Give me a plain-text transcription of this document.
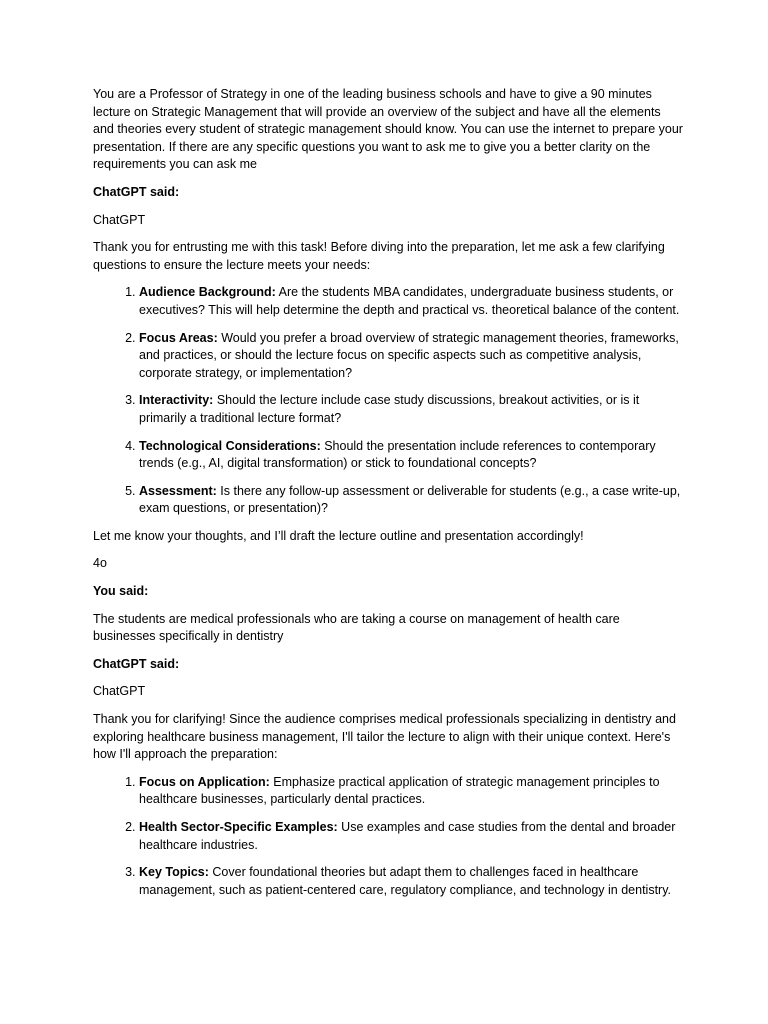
You are a Professor of Strategy in one of the leading business schools and have to give a 90 minutes lecture on Strategic Management that will provide an overview of the subject and have all the elements and theories every student of strategic management should know. You can use the internet to prepare your presentation. If there are any specific questions you want to ask me to give you a better clarity on the requirements you can ask me

ChatGPT said:

ChatGPT

Thank you for entrusting me with this task! Before diving into the preparation, let me ask a few clarifying questions to ensure the lecture meets your needs:

1. Audience Background: Are the students MBA candidates, undergraduate business students, or executives? This will help determine the depth and practical vs. theoretical balance of the content.
2. Focus Areas: Would you prefer a broad overview of strategic management theories, frameworks, and practices, or should the lecture focus on specific aspects such as competitive analysis, corporate strategy, or implementation?
3. Interactivity: Should the lecture include case study discussions, breakout activities, or is it primarily a traditional lecture format?
4. Technological Considerations: Should the presentation include references to contemporary trends (e.g., AI, digital transformation) or stick to foundational concepts?
5. Assessment: Is there any follow-up assessment or deliverable for students (e.g., a case write-up, exam questions, or presentation)?

Let me know your thoughts, and I’ll draft the lecture outline and presentation accordingly!

4o

You said:

The students are medical professionals who are taking a course on management of health care businesses specifically in dentistry

ChatGPT said:

ChatGPT

Thank you for clarifying! Since the audience comprises medical professionals specializing in dentistry and exploring healthcare business management, I'll tailor the lecture to align with their unique context. Here's how I'll approach the preparation:

1. Focus on Application: Emphasize practical application of strategic management principles to healthcare businesses, particularly dental practices.
2. Health Sector-Specific Examples: Use examples and case studies from the dental and broader healthcare industries.
3. Key Topics: Cover foundational theories but adapt them to challenges faced in healthcare management, such as patient-centered care, regulatory compliance, and technology in dentistry.
